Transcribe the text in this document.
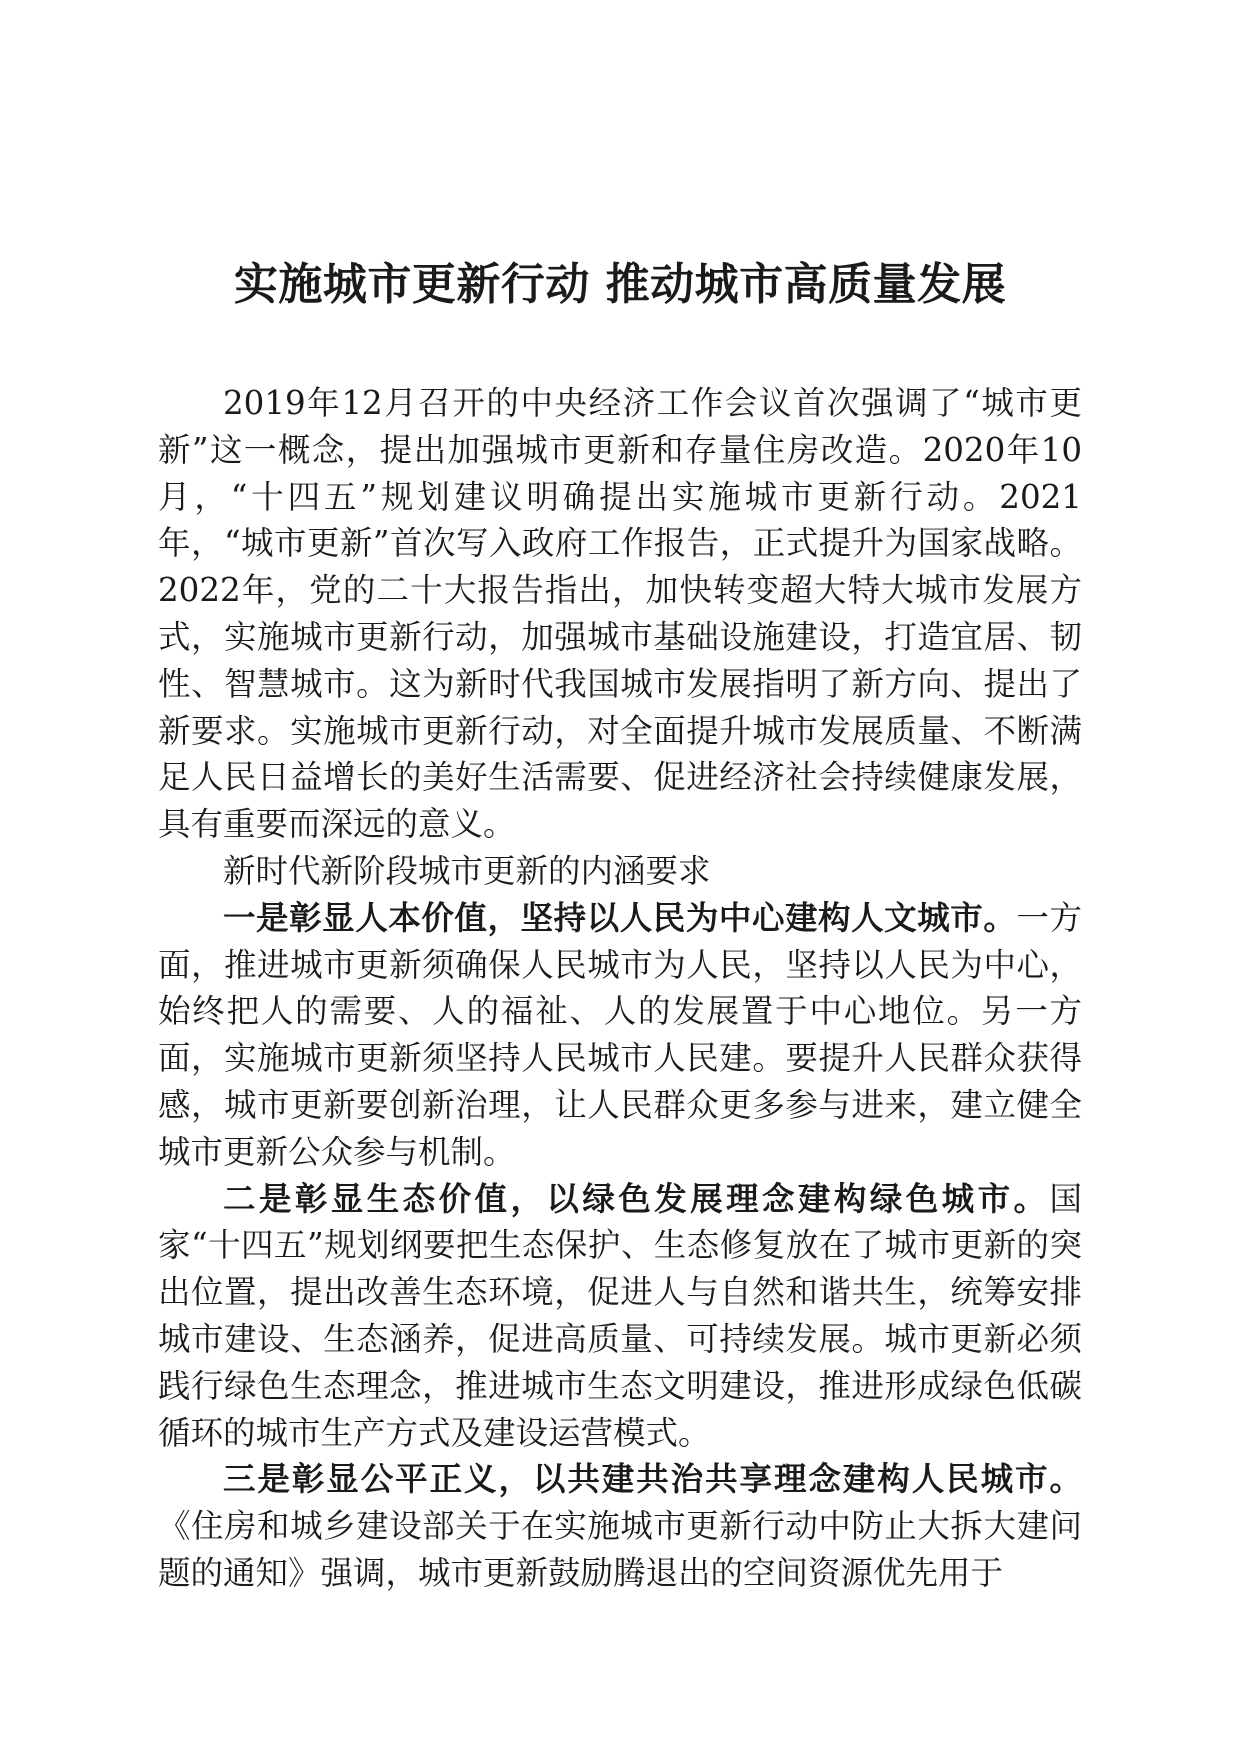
实施城市更新行动 推动城市高质量发展

2019年12月召开的中央经济工作会议首次强调了“城市更新”这一概念，提出加强城市更新和存量住房改造。2020年10月，“十四五”规划建议明确提出实施城市更新行动。2021年，“城市更新”首次写入政府工作报告，正式提升为国家战略。2022年，党的二十大报告指出，加快转变超大特大城市发展方式，实施城市更新行动，加强城市基础设施建设，打造宜居、韧性、智慧城市。这为新时代我国城市发展指明了新方向、提出了新要求。实施城市更新行动，对全面提升城市发展质量、不断满足人民日益增长的美好生活需要、促进经济社会持续健康发展，具有重要而深远的意义。

新时代新阶段城市更新的内涵要求

一是彰显人本价值，坚持以人民为中心建构人文城市。一方面，推进城市更新须确保人民城市为人民，坚持以人民为中心，始终把人的需要、人的福祉、人的发展置于中心地位。另一方面，实施城市更新须坚持人民城市人民建。要提升人民群众获得感，城市更新要创新治理，让人民群众更多参与进来，建立健全城市更新公众参与机制。

二是彰显生态价值，以绿色发展理念建构绿色城市。国家“十四五”规划纲要把生态保护、生态修复放在了城市更新的突出位置，提出改善生态环境，促进人与自然和谐共生，统筹安排城市建设、生态涵养，促进高质量、可持续发展。城市更新必须践行绿色生态理念，推进城市生态文明建设，推进形成绿色低碳循环的城市生产方式及建设运营模式。

三是彰显公平正义，以共建共治共享理念建构人民城市。《住房和城乡建设部关于在实施城市更新行动中防止大拆大建问题的通知》强调，城市更新鼓励腾退出的空间资源优先用于
